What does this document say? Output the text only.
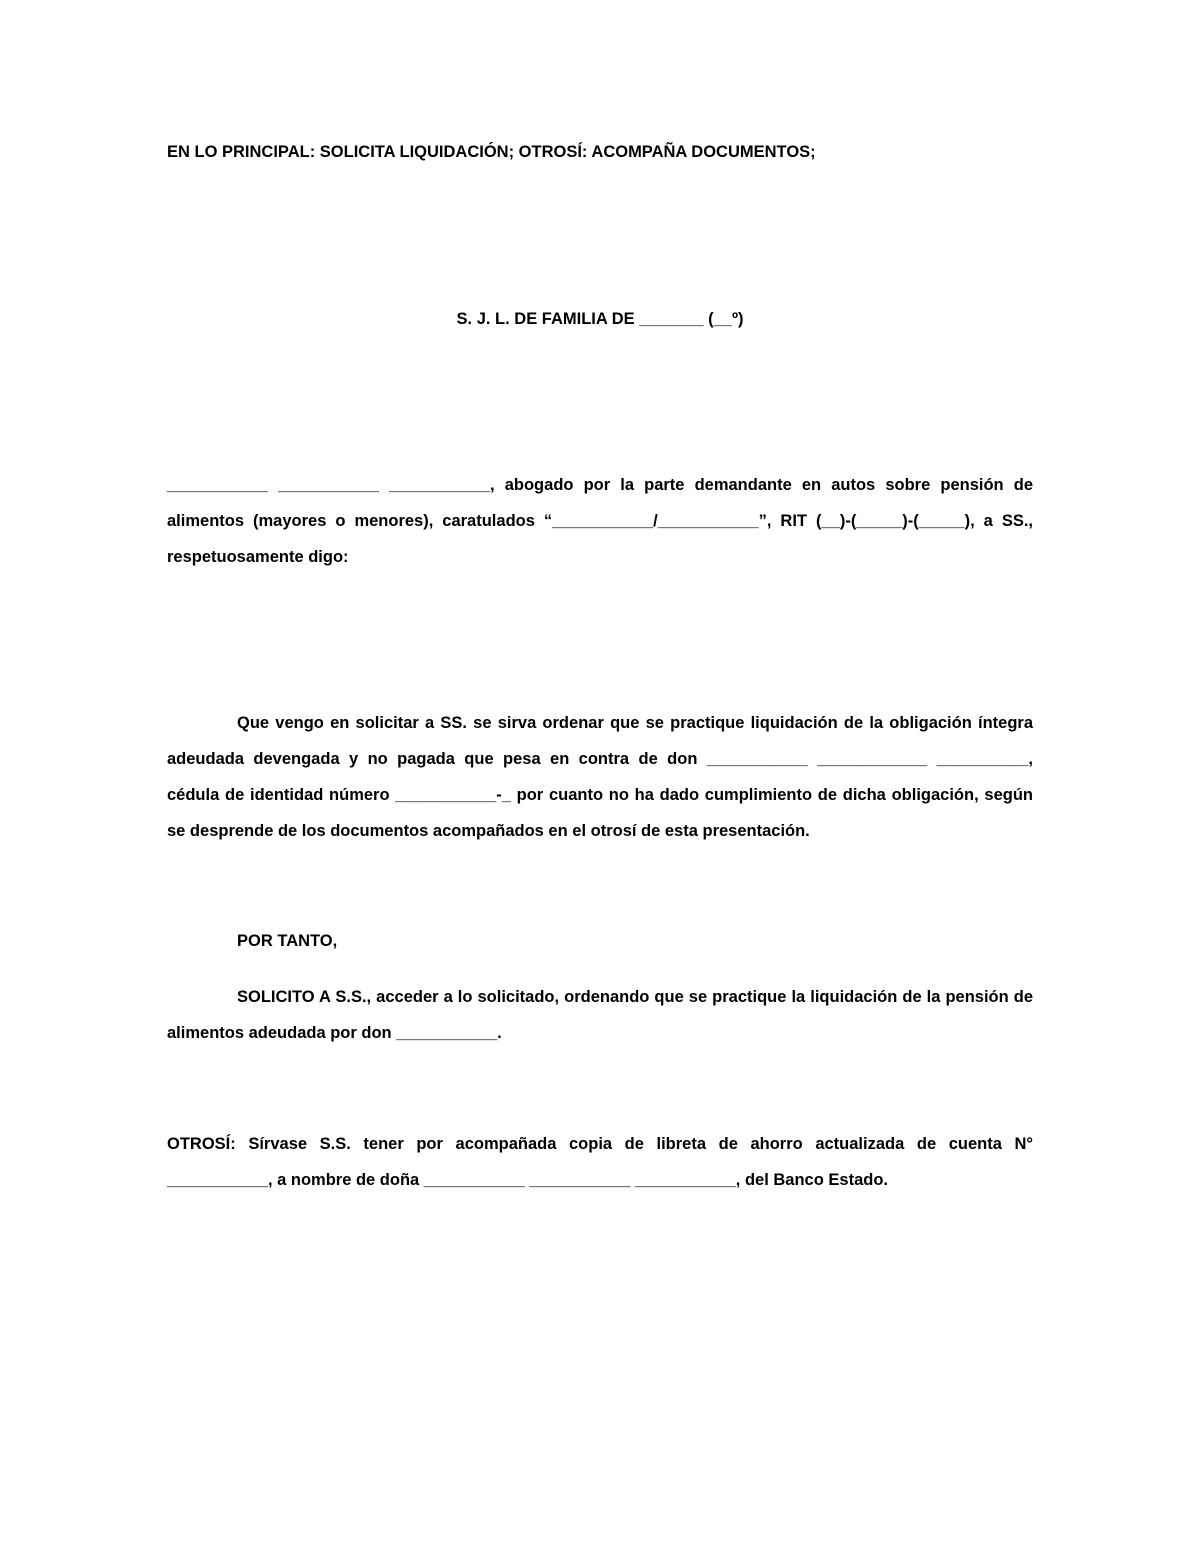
EN LO PRINCIPAL: SOLICITA LIQUIDACIÓN; OTROSÍ: ACOMPAÑA DOCUMENTOS;
S. J. L. DE FAMILIA DE _______ (__º)
___________ ___________ ___________, abogado por la parte demandante en autos sobre pensión de
alimentos (mayores o menores), caratulados “___________/___________”, RIT (__)-(_____)-(_____), a SS.,
respetuosamente digo:
Que vengo en solicitar a SS. se sirva ordenar que se practique liquidación de la obligación íntegra
adeudada devengada y no pagada que pesa en contra de don ___________ ____________ __________,
cédula de identidad número ___________-_ por cuanto no ha dado cumplimiento de dicha obligación, según
se desprende de los documentos acompañados en el otrosí de esta presentación.
POR TANTO,
SOLICITO A S.S., acceder a lo solicitado, ordenando que se practique la liquidación de la pensión de
alimentos adeudada por don ___________.
OTROSÍ: Sírvase S.S. tener por acompañada copia de libreta de ahorro actualizada de cuenta N°
___________, a nombre de doña ___________ ___________ ___________, del Banco Estado.
